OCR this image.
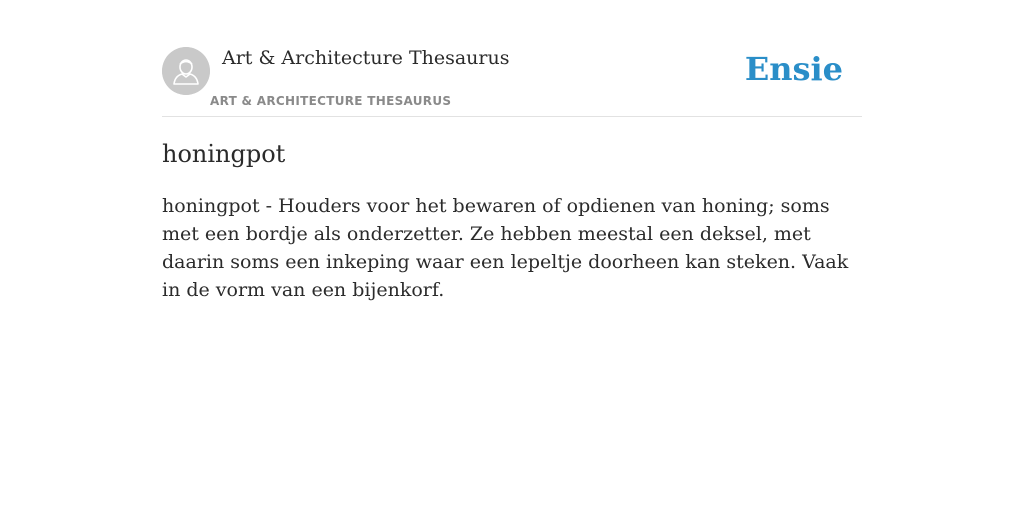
Art & Architecture Thesaurus
ART & ARCHITECTURE THESAURUS
Ensie
honingpot

honingpot - Houders voor het bewaren of opdienen van honing; soms met een bordje als onderzetter. Ze hebben meestal een deksel, met daarin soms een inkeping waar een lepeltje doorheen kan steken. Vaak in de vorm van een bijenkorf.
